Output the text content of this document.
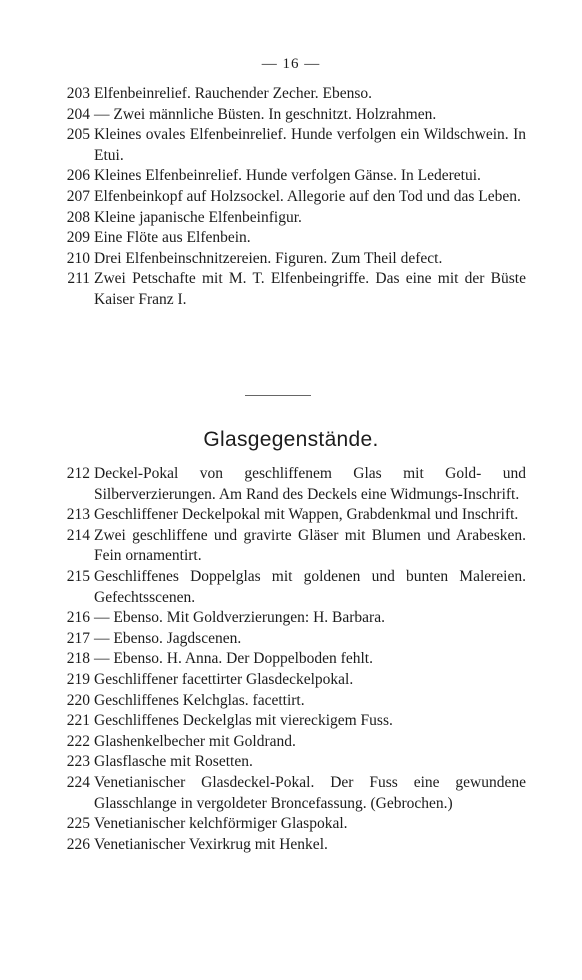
— 16 —
203 Elfenbeinrelief. Rauchender Zecher. Ebenso.
204 — Zwei männliche Büsten. In geschnitzt. Holzrahmen.
205 Kleines ovales Elfenbeinrelief. Hunde verfolgen ein Wildschwein. In Etui.
206 Kleines Elfenbeinrelief. Hunde verfolgen Gänse. In Lederetui.
207 Elfenbeinkopf auf Holzsockel. Allegorie auf den Tod und das Leben.
208 Kleine japanische Elfenbeinfigur.
209 Eine Flöte aus Elfenbein.
210 Drei Elfenbeinschnitzereien. Figuren. Zum Theil defect.
211 Zwei Petschafte mit M. T. Elfenbeingriffe. Das eine mit der Büste Kaiser Franz I.
Glasgegenstände.
212 Deckel-Pokal von geschliffenem Glas mit Gold- und Silberverzierungen. Am Rand des Deckels eine Widmungs-Inschrift.
213 Geschliffener Deckelpokal mit Wappen, Grabdenkmal und Inschrift.
214 Zwei geschliffene und gravirte Gläser mit Blumen und Arabesken. Fein ornamentirt.
215 Geschliffenes Doppelglas mit goldenen und bunten Malereien. Gefechtsscenen.
216 — Ebenso. Mit Goldverzierungen: H. Barbara.
217 — Ebenso. Jagdscenen.
218 — Ebenso. H. Anna. Der Doppelboden fehlt.
219 Geschliffener facettirter Glasdeckelpokal.
220 Geschliffenes Kelchglas. facettirt.
221 Geschliffenes Deckelglas mit viereckigem Fuss.
222 Glashenkelbecher mit Goldrand.
223 Glasflasche mit Rosetten.
224 Venetianischer Glasdeckel-Pokal. Der Fuss eine gewundene Glasschlange in vergoldeter Broncefassung. (Gebrochen.)
225 Venetianischer kelchförmiger Glaspokal.
226 Venetianischer Vexirkrug mit Henkel.
